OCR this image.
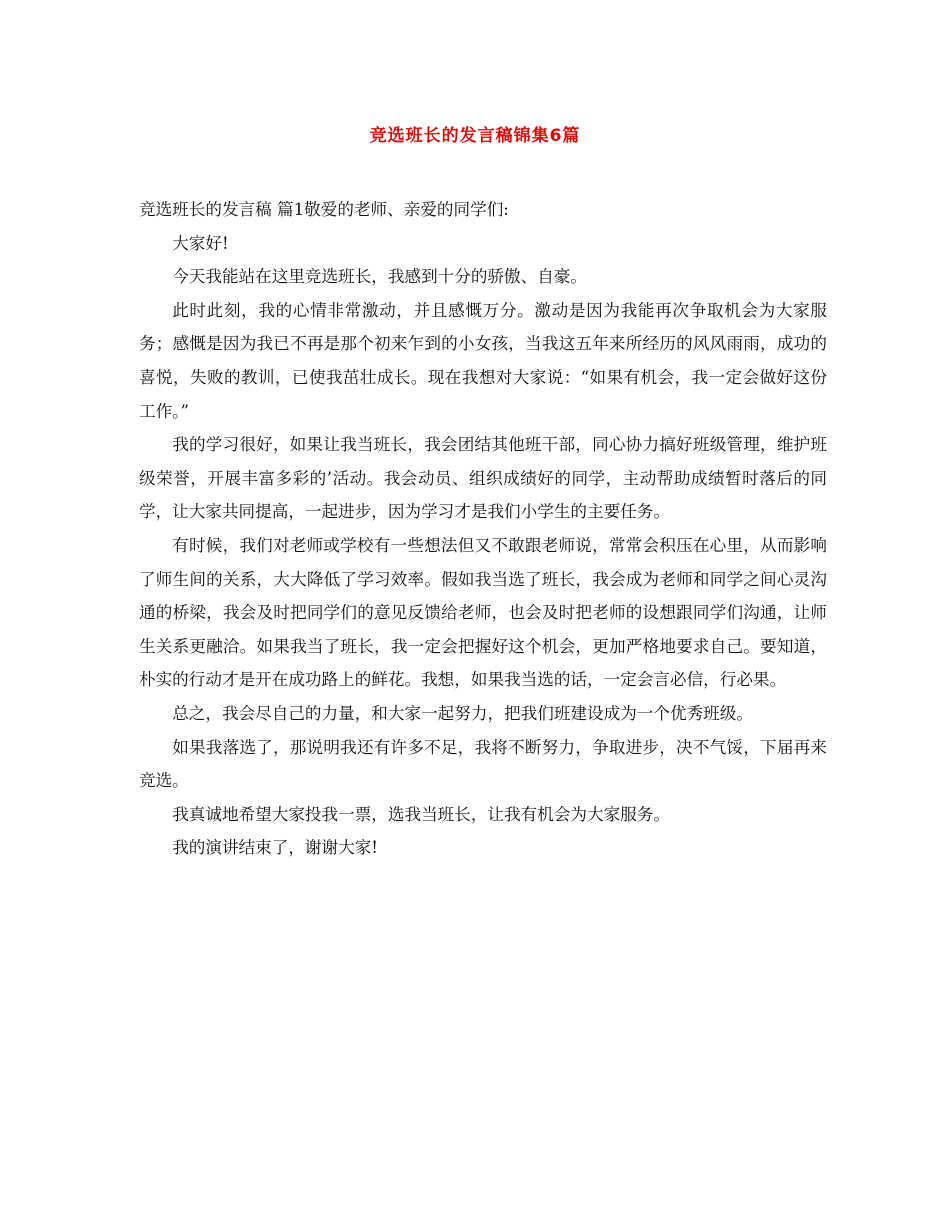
竞选班长的发言稿锦集6篇

竞选班长的发言稿 篇1敬爱的老师、亲爱的同学们:

大家好!

今天我能站在这里竞选班长，我感到十分的骄傲、自豪。

此时此刻，我的心情非常激动，并且感慨万分。激动是因为我能再次争取机会为大家服务；感慨是因为我已不再是那个初来乍到的小女孩，当我这五年来所经历的风风雨雨，成功的喜悦，失败的教训，已使我茁壮成长。现在我想对大家说：“如果有机会，我一定会做好这份工作。”

我的学习很好，如果让我当班长，我会团结其他班干部，同心协力搞好班级管理，维护班级荣誉，开展丰富多彩的’活动。我会动员、组织成绩好的同学，主动帮助成绩暂时落后的同学，让大家共同提高，一起进步，因为学习才是我们小学生的主要任务。

有时候，我们对老师或学校有一些想法但又不敢跟老师说，常常会积压在心里，从而影响了师生间的关系，大大降低了学习效率。假如我当选了班长，我会成为老师和同学之间心灵沟通的桥梁，我会及时把同学们的意见反馈给老师，也会及时把老师的设想跟同学们沟通，让师生关系更融洽。如果我当了班长，我一定会把握好这个机会，更加严格地要求自己。要知道，朴实的行动才是开在成功路上的鲜花。我想，如果我当选的话，一定会言必信，行必果。

总之，我会尽自己的力量，和大家一起努力，把我们班建设成为一个优秀班级。

如果我落选了，那说明我还有许多不足，我将不断努力，争取进步，决不气馁，下届再来竞选。

我真诚地希望大家投我一票，选我当班长，让我有机会为大家服务。

我的演讲结束了，谢谢大家!
